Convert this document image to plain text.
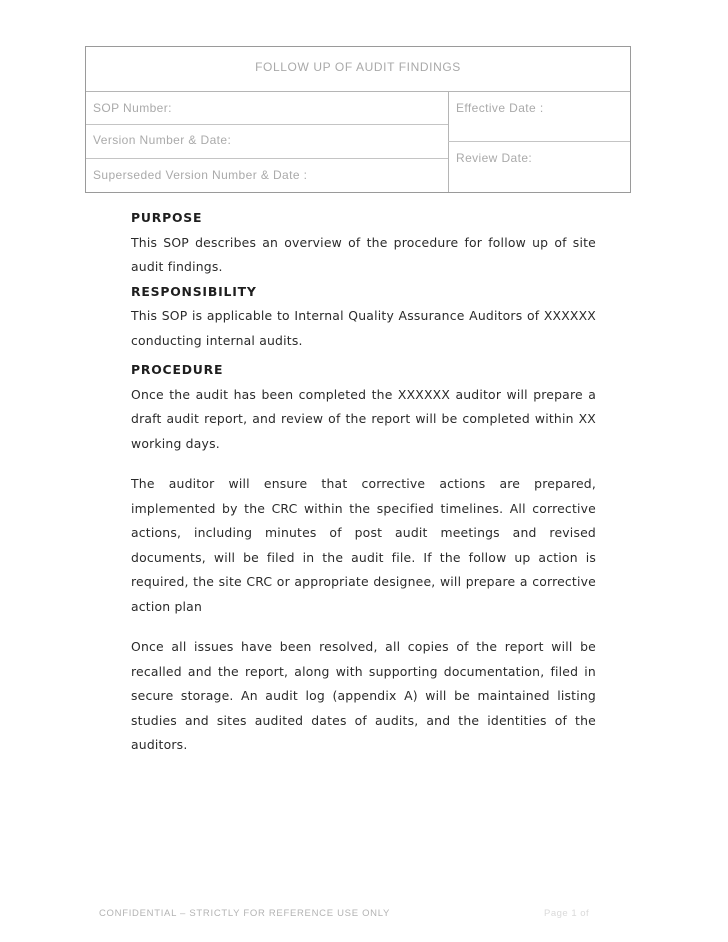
FOLLOW UP OF AUDIT FINDINGS
SOP Number:
Version Number & Date:
Superseded Version Number & Date :
Effective Date :
Review Date:
PURPOSE

This SOP describes an overview of the procedure for follow up of site audit findings.

RESPONSIBILITY

This SOP is applicable to Internal Quality Assurance Auditors of XXXXXX conducting internal audits.

PROCEDURE

Once the audit has been completed the XXXXXX auditor will prepare a draft audit report, and review of the report will be completed within XX working days.

The auditor will ensure that corrective actions are prepared, implemented by the CRC within the specified timelines. All corrective actions, including minutes of post audit meetings and revised documents, will be filed in the audit file. If the follow up action is required, the site CRC or appropriate designee, will prepare a corrective action plan

Once all issues have been resolved, all copies of the report will be recalled and the report, along with supporting documentation, filed in secure storage. An audit log (appendix A) will be maintained listing studies and sites audited dates of audits, and the identities of the auditors.

CONFIDENTIAL – STRICTLY FOR REFERENCE USE ONLY	Page 1 of
